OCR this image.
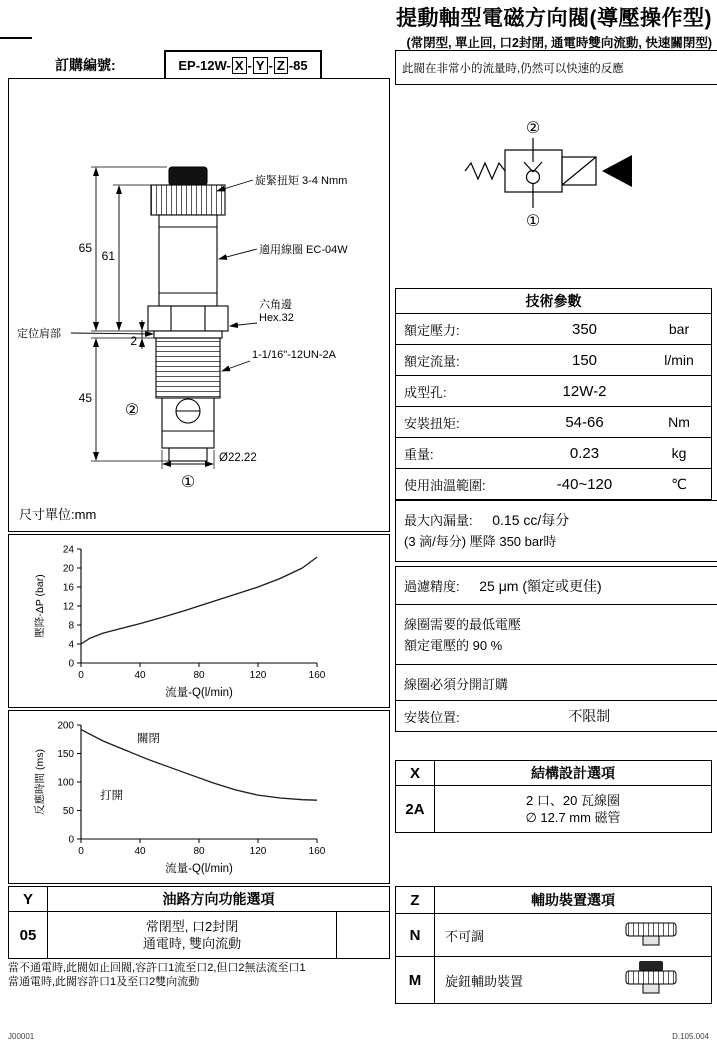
提動軸型電磁方向閥(導壓操作型)
(常閉型, 單止回, 口2封閉, 通電時雙向流動, 快速關閉型)
訂購編號:	EP-12W- X - Y - Z -85
65
61
2
45
Ø22.22
旋緊扭矩 3-4 Nmm
適用線圈 EC-04W
六角邊
Hex.32
1-1/16"-12UN-2A
定位肩部
②
①
尺寸單位:mm
此閥在非常小的流量時,仍然可以快速的反應
②
①
技術參數
額定壓力:	350	bar
額定流量:	150	l/min
成型孔:	12W-2
安裝扭矩:	54-66	Nm
重量:	0.23	kg
使用油溫範圍:	-40~120	℃
最大內漏量: 0.15 cc/每分
(3 滴/每分) 壓降 350 bar時
過濾精度: 25 μm (額定或更佳)
線圈需要的最低電壓
額定電壓的 90 %
線圈必須分開訂購
安裝位置:	不限制
0	40	80	120	160
0
4
8
12
16
20
24
流量-Q(l/min)
壓降-ΔP (bar)
0	40	80	120	160
0
50
100
150
200
關閉
打開
流量-Q(l/min)
反應時間 (ms)
Y	油路方向功能選項
05	常閉型, 口2封閉
通電時, 雙向流動
當不通電時,此閥如止回閥,容許口1流至口2,但口2無法流至口1
當通電時,此閥容許口1及至口2雙向流動
X	結構設計選項
2A	2 口、20 瓦線圈
∅ 12.7 mm 磁管
Z	輔助裝置選項
N	不可調
M	旋鈕輔助裝置
J00001	D.105.004
